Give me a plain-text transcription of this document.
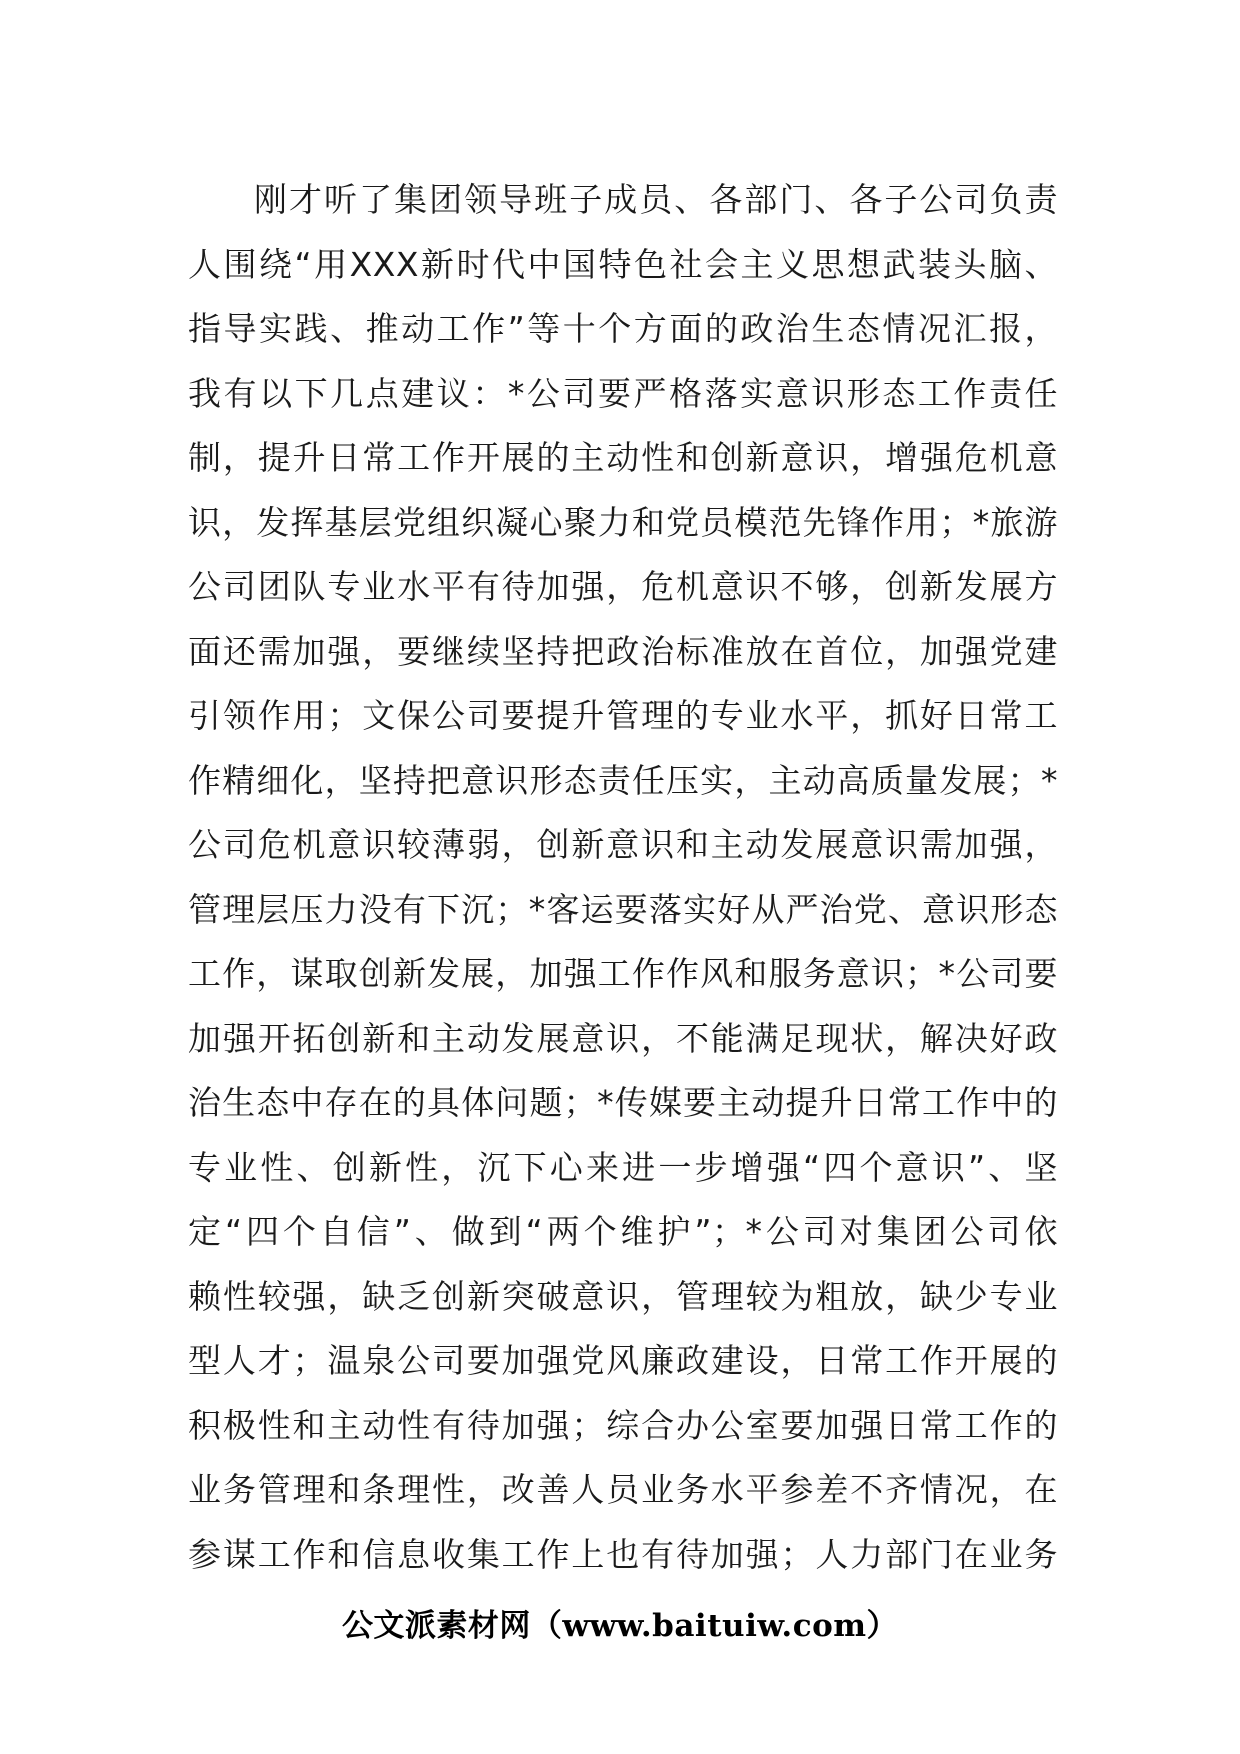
刚才听了集团领导班子成员、各部门、各子公司负责
人围绕“用XXX新时代中国特色社会主义思想武装头脑、
指导实践、推动工作”等十个方面的政治生态情况汇报，
我有以下几点建议：*公司要严格落实意识形态工作责任
制，提升日常工作开展的主动性和创新意识，增强危机意
识，发挥基层党组织凝心聚力和党员模范先锋作用；*旅游
公司团队专业水平有待加强，危机意识不够，创新发展方
面还需加强，要继续坚持把政治标准放在首位，加强党建
引领作用；文保公司要提升管理的专业水平，抓好日常工
作精细化，坚持把意识形态责任压实，主动高质量发展；*
公司危机意识较薄弱，创新意识和主动发展意识需加强，
管理层压力没有下沉；*客运要落实好从严治党、意识形态
工作，谋取创新发展，加强工作作风和服务意识；*公司要
加强开拓创新和主动发展意识，不能满足现状，解决好政
治生态中存在的具体问题；*传媒要主动提升日常工作中的
专业性、创新性，沉下心来进一步增强“四个意识”、坚
定“四个自信”、做到“两个维护”；*公司对集团公司依
赖性较强，缺乏创新突破意识，管理较为粗放，缺少专业
型人才；温泉公司要加强党风廉政建设，日常工作开展的
积极性和主动性有待加强；综合办公室要加强日常工作的
业务管理和条理性，改善人员业务水平参差不齐情况，在
参谋工作和信息收集工作上也有待加强；人力部门在业务
公文派素材网（www.baituiw.com）
